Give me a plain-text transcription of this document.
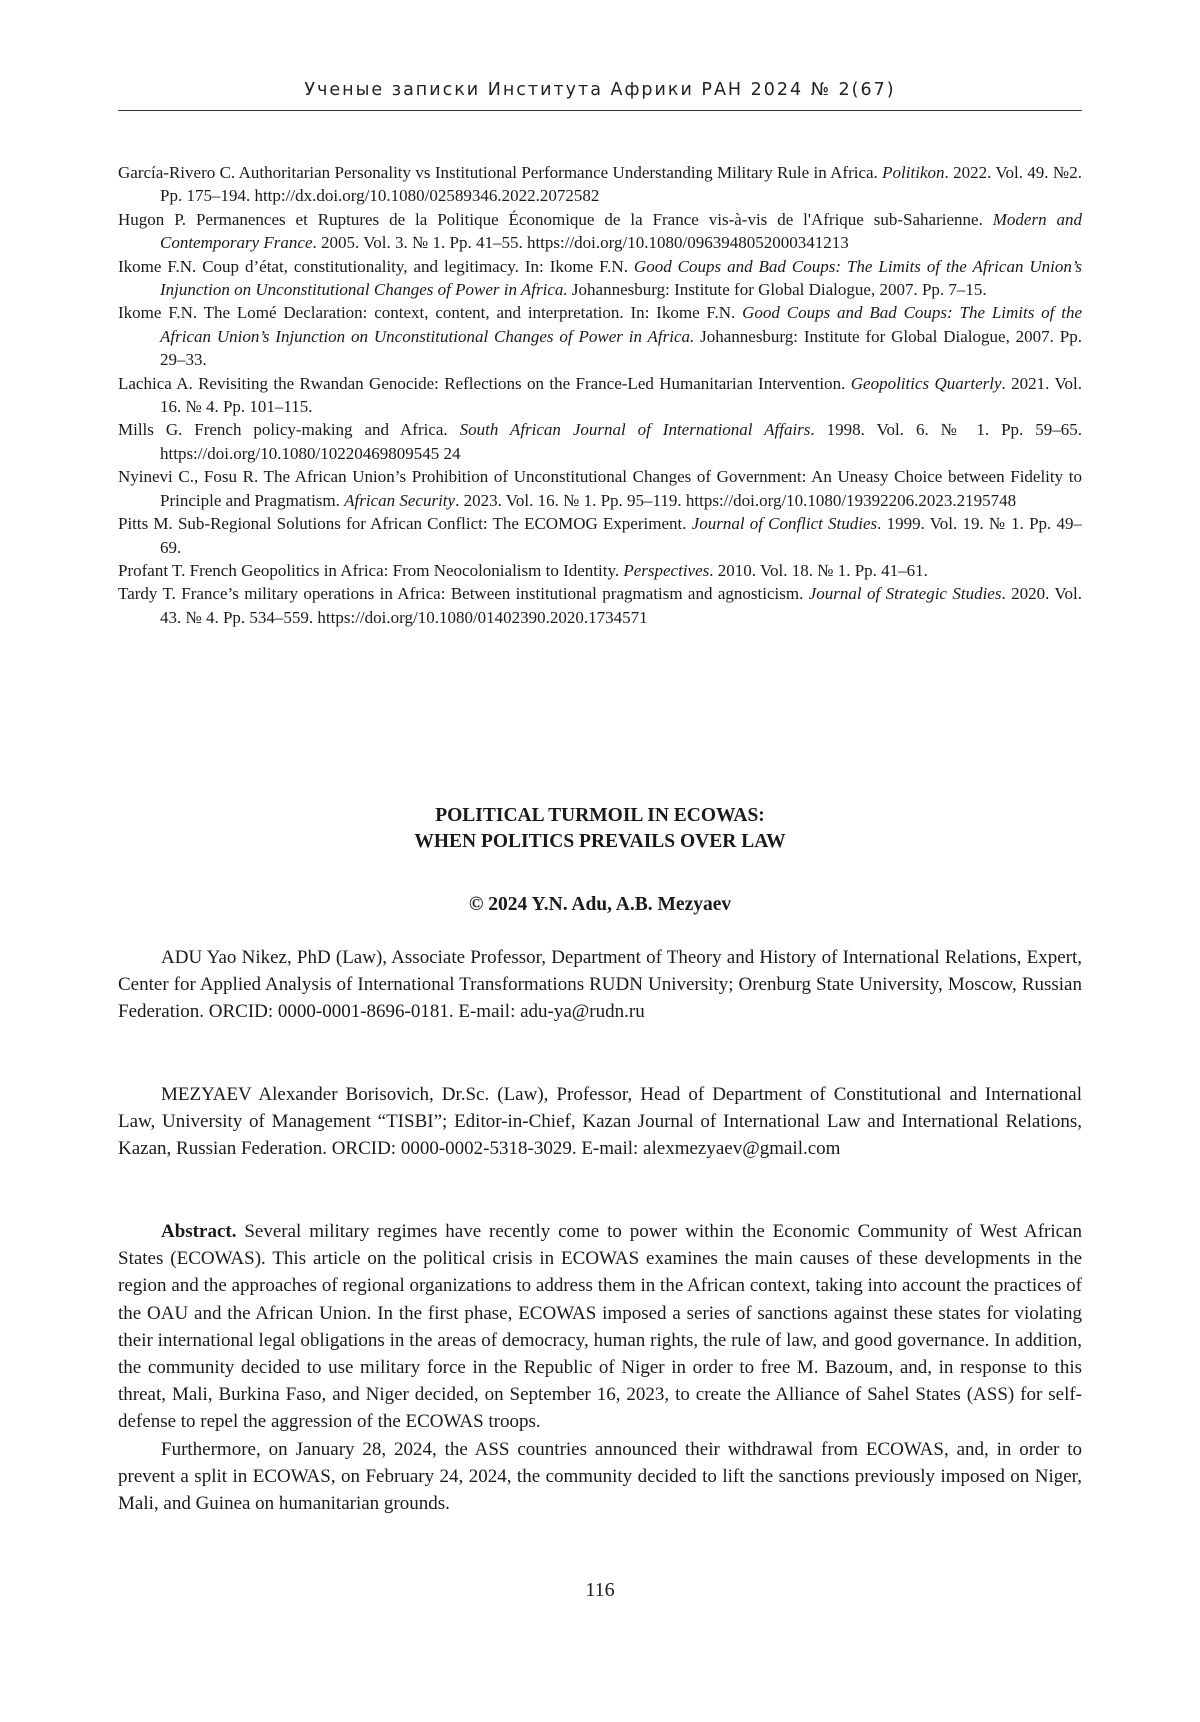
Ученые записки Института Африки РАН 2024 № 2(67)

García-Rivero C. Authoritarian Personality vs Institutional Performance Understanding Military Rule in Africa. Politikon. 2022. Vol. 49. №2. Pp. 175–194. http://dx.doi.org/10.1080/02589346.2022.2072582

Hugon P. Permanences et Ruptures de la Politique Économique de la France vis-à-vis de l'Afrique sub-Saharienne. Modern and Contemporary France. 2005. Vol. 3. № 1. Pp. 41–55. https://doi.org/10.1080/0963948052000341213

Ikome F.N. Coup d’état, constitutionality, and legitimacy. In: Ikome F.N. Good Coups and Bad Coups: The Limits of the African Union’s Injunction on Unconstitutional Changes of Power in Africa. Johannesburg: Institute for Global Dialogue, 2007. Pp. 7–15.

Ikome F.N. The Lomé Declaration: context, content, and interpretation. In: Ikome F.N. Good Coups and Bad Coups: The Limits of the African Union’s Injunction on Unconstitutional Changes of Power in Africa. Johannesburg: Institute for Global Dialogue, 2007. Pp. 29–33.

Lachica A. Revisiting the Rwandan Genocide: Reflections on the France-Led Humanitarian Intervention. Geopolitics Quarterly. 2021. Vol. 16. № 4. Pp. 101–115.

Mills G. French policy-making and Africa. South African Journal of International Affairs. 1998. Vol. 6. № 1. Pp. 59–65. https://doi.org/10.1080/10220469809545 24

Nyinevi C., Fosu R. The African Union’s Prohibition of Unconstitutional Changes of Government: An Uneasy Choice between Fidelity to Principle and Pragmatism. African Security. 2023. Vol. 16. № 1. Pp. 95–119. https://doi.org/10.1080/19392206.2023.2195748

Pitts M. Sub-Regional Solutions for African Conflict: The ECOMOG Experiment. Journal of Conflict Studies. 1999. Vol. 19. № 1. Pp. 49–69.

Profant T. French Geopolitics in Africa: From Neocolonialism to Identity. Perspectives. 2010. Vol. 18. № 1. Pp. 41–61.

Tardy T. France’s military operations in Africa: Between institutional pragmatism and agnosticism. Journal of Strategic Studies. 2020. Vol. 43. № 4. Pp. 534–559. https://doi.org/10.1080/01402390.2020.1734571

POLITICAL TURMOIL IN ECOWAS:
WHEN POLITICS PREVAILS OVER LAW
© 2024 Y.N. Adu, A.B. Mezyaev

ADU Yao Nikez, PhD (Law), Associate Professor, Department of Theory and History of International Relations, Expert, Center for Applied Analysis of International Transformations RUDN University; Orenburg State University, Moscow, Russian Federation. ORCID: 0000-0001-8696-0181. E-mail: adu-ya@rudn.ru

MEZYAEV Alexander Borisovich, Dr.Sc. (Law), Professor, Head of Department of Constitutional and International Law, University of Management “TISBI”; Editor-in-Chief, Kazan Journal of International Law and International Relations, Kazan, Russian Federation. ORCID: 0000-0002-5318-3029. E-mail: alexmezyaev@gmail.com

Abstract. Several military regimes have recently come to power within the Economic Community of West African States (ECOWAS). This article on the political crisis in ECOWAS examines the main causes of these developments in the region and the approaches of regional organizations to address them in the African context, taking into account the practices of the OAU and the African Union. In the first phase, ECOWAS imposed a series of sanctions against these states for violating their international legal obligations in the areas of democracy, human rights, the rule of law, and good governance. In addition, the community decided to use military force in the Republic of Niger in order to free M. Bazoum, and, in response to this threat, Mali, Burkina Faso, and Niger decided, on September 16, 2023, to create the Alliance of Sahel States (ASS) for self-defense to repel the aggression of the ECOWAS troops.

Furthermore, on January 28, 2024, the ASS countries announced their withdrawal from ECOWAS, and, in order to prevent a split in ECOWAS, on February 24, 2024, the community decided to lift the sanctions previously imposed on Niger, Mali, and Guinea on humanitarian grounds.

116
